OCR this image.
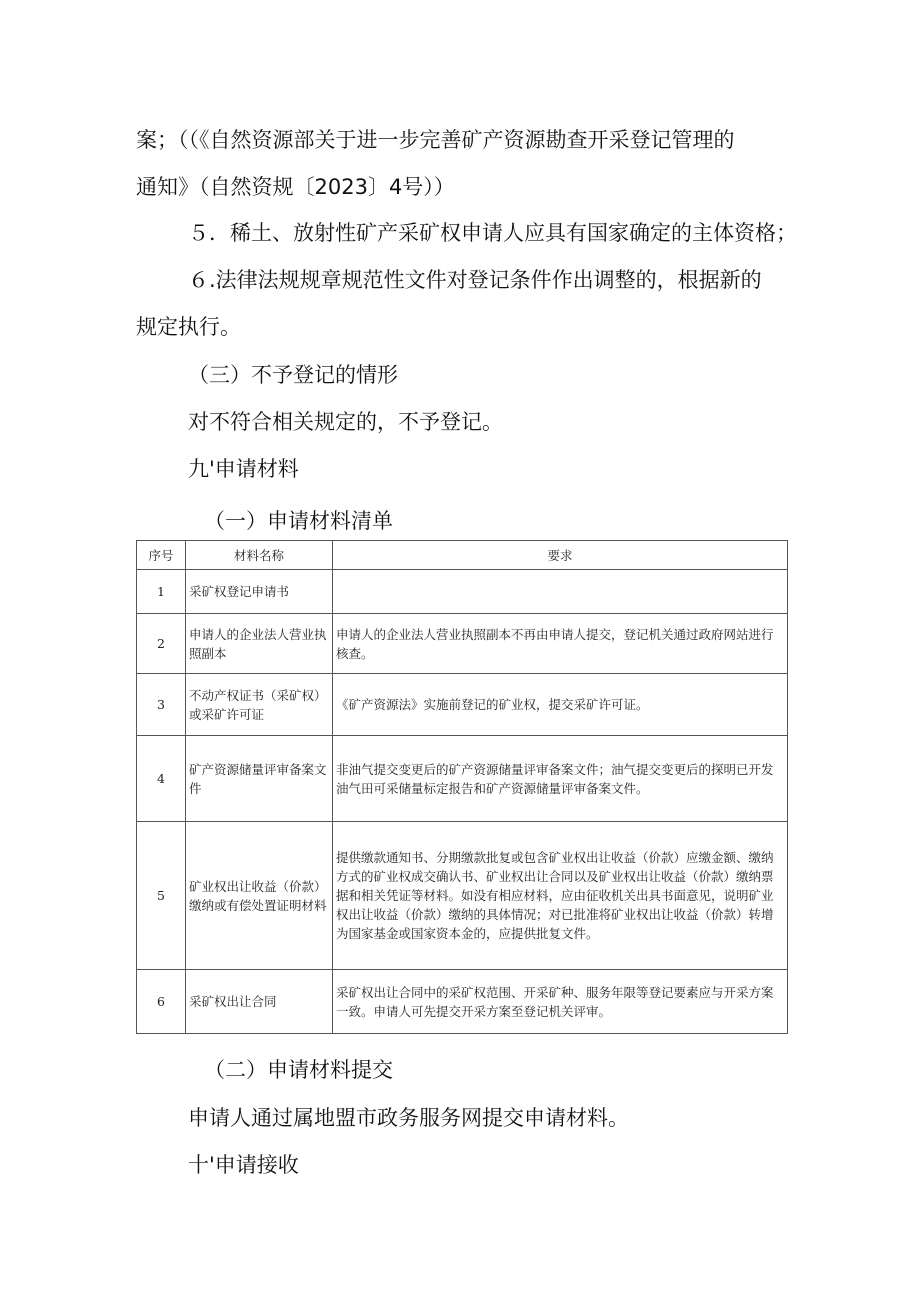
案；（（《自然资源部关于进一步完善矿产资源勘查开采登记管理的
通知》（自然资规〔2023〕4号））
５．稀土、放射性矿产采矿权申请人应具有国家确定的主体资格；
６.法律法规规章规范性文件对登记条件作出调整的，根据新的
规定执行。
（三）不予登记的情形
对不符合相关规定的，不予登记。
九'申请材料
（一）申请材料清单
序号	材料名称	要求
1	采矿权登记申请书	
2	申请人的企业法人营业执照副本	申请人的企业法人营业执照副本不再由申请人提交，登记机关通过政府网站进行核查。
3	不动产权证书（采矿权）或采矿许可证	《矿产资源法》实施前登记的矿业权，提交采矿许可证。
4	矿产资源储量评审备案文件	非油气提交变更后的矿产资源储量评审备案文件；油气提交变更后的探明已开发油气田可采储量标定报告和矿产资源储量评审备案文件。
5	矿业权出让收益（价款）缴纳或有偿处置证明材料	提供缴款通知书、分期缴款批复或包含矿业权出让收益（价款）应缴金额、缴纳方式的矿业权成交确认书、矿业权出让合同以及矿业权出让收益（价款）缴纳票据和相关凭证等材料。如没有相应材料，应由征收机关出具书面意见，说明矿业权出让收益（价款）缴纳的具体情况；对已批准将矿业权出让收益（价款）转增为国家基金或国家资本金的，应提供批复文件。
6	采矿权出让合同	采矿权出让合同中的采矿权范围、开采矿种、服务年限等登记要素应与开采方案一致。申请人可先提交开采方案至登记机关评审。
（二）申请材料提交
申请人通过属地盟市政务服务网提交申请材料。
十'申请接收
